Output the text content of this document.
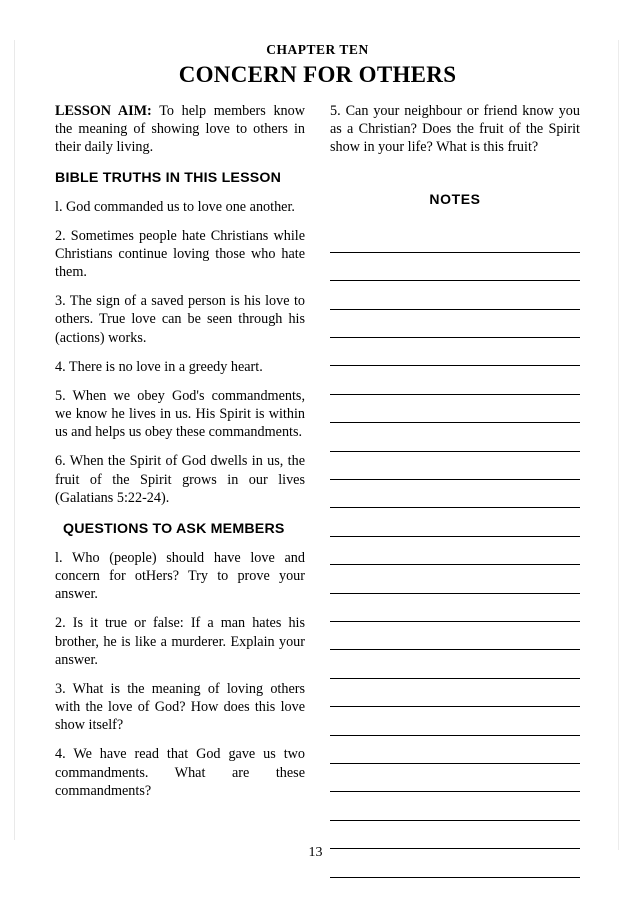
CHAPTER TEN
CONCERN FOR OTHERS

LESSON AIM: To help members know the meaning of showing love to others in their daily living.

BIBLE TRUTHS IN THIS LESSON

l. God commanded us to love one another.

2. Sometimes people hate Christians while Christians continue loving those who hate them.

3. The sign of a saved person is his love to others. True love can be seen through his (actions) works.

4. There is no love in a greedy heart.

5. When we obey God's commandments, we know he lives in us. His Spirit is within us and helps us obey these commandments.

6. When the Spirit of God dwells in us, the fruit of the Spirit grows in our lives (Galatians 5:22-24).

QUESTIONS TO ASK MEMBERS

l. Who (people) should have love and concern for otHers? Try to prove your answer.

2. Is it true or false: If a man hates his brother, he is like a murderer. Explain your answer.

3. What is the meaning of loving others with the love of God? How does this love show itself?

4. We have read that God gave us two commandments. What are these commandments?

5. Can your neighbour or friend know you as a Christian? Does the fruit of the Spirit show in your life? What is this fruit?

NOTES
13
